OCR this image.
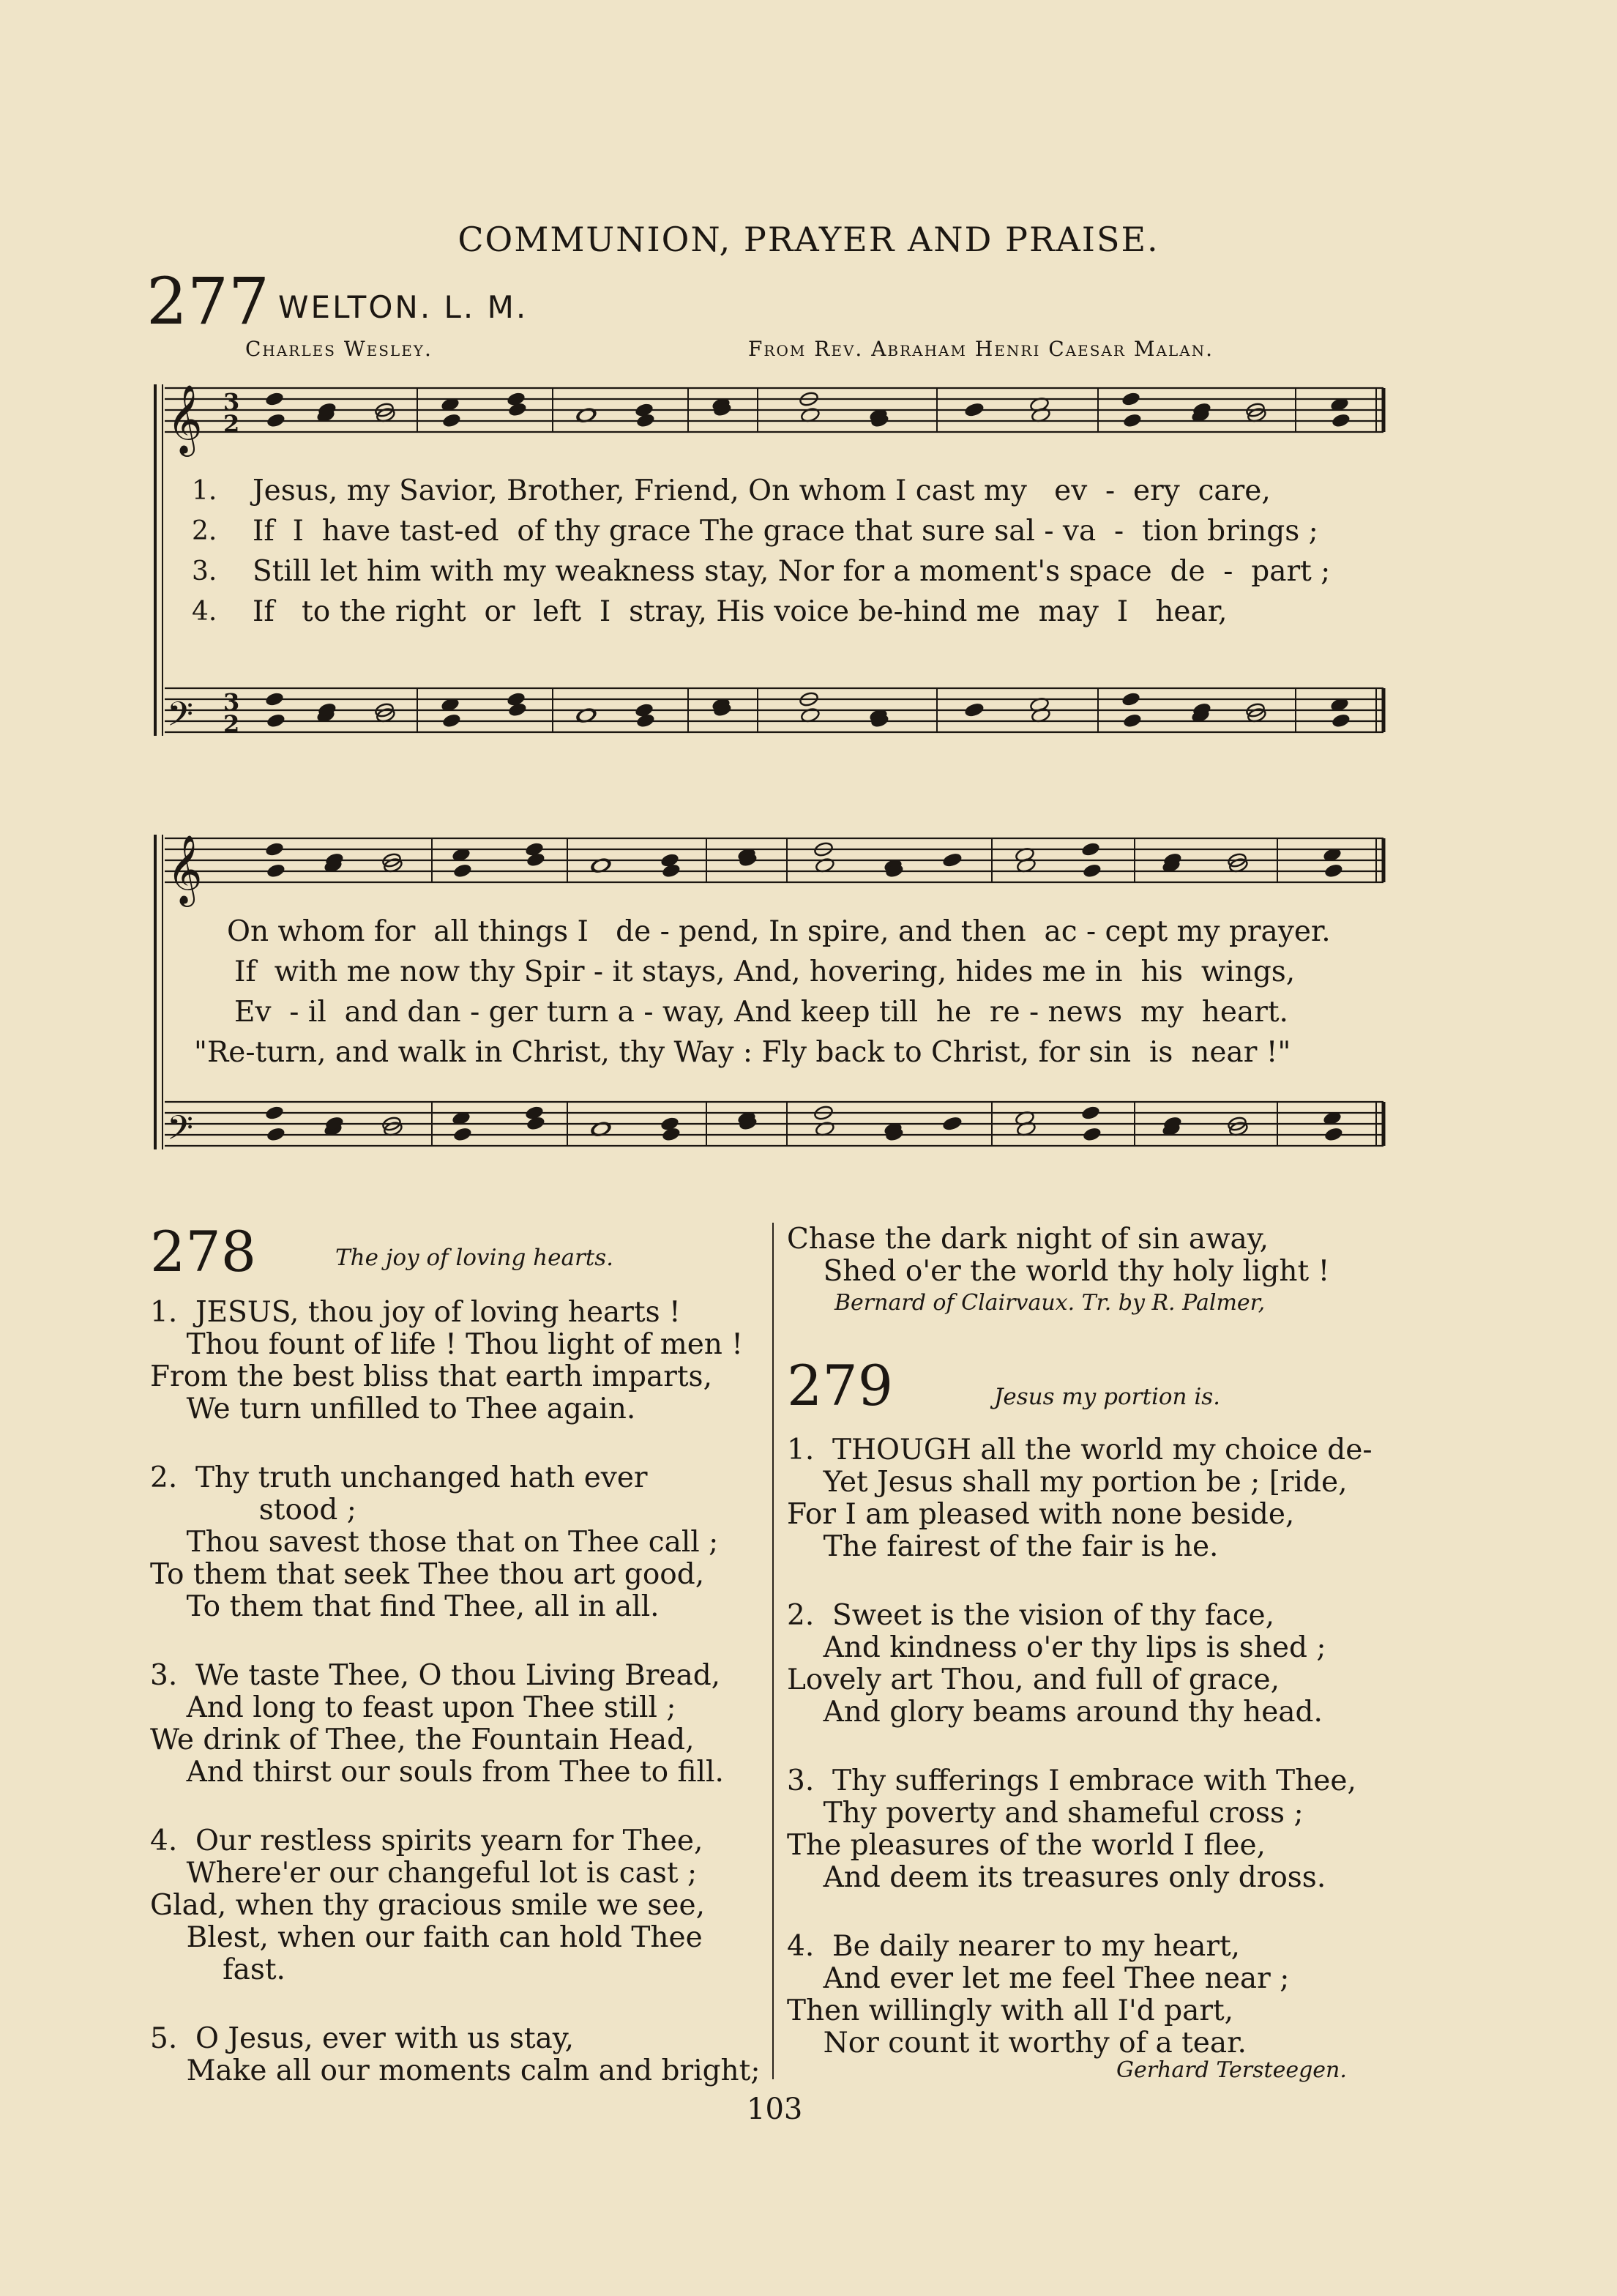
COMMUNION, PRAYER AND PRAISE.
277 WELTON. L. M.
Charles Wesley.	From Rev. Abraham Henri Caesar Malan.
𝄞
𝄞
𝄢
𝄢
3
2
3
2
1. Jesus, my Savior, Brother, Friend, On whom I cast my   ev  -  ery  care,
2. If  I  have tast-ed  of thy grace The grace that sure sal - va  -  tion brings ;
3. Still let him with my weakness stay, Nor for a moment's space  de  -  part ;
4. If   to the right  or  left  I  stray, His voice be-hind me  may  I   hear,
On whom for  all things I   de - pend, In spire, and then  ac - cept my prayer.
If  with me now thy Spir - it stays, And, hovering, hides me in  his  wings,
Ev  - il  and dan - ger turn a - way, And keep till  he  re - news  my  heart.
"Re-turn, and walk in Christ, thy Way : Fly back to Christ, for sin  is  near !"
278	The joy of loving hearts.
1.  JESUS, thou joy of loving hearts !
Thou fount of life ! Thou light of men !
From the best bliss that earth imparts,
We turn unfilled to Thee again.
2.  Thy truth unchanged hath ever
stood ;
Thou savest those that on Thee call ;
To them that seek Thee thou art good,
To them that find Thee, all in all.
3.  We taste Thee, O thou Living Bread,
And long to feast upon Thee still ;
We drink of Thee, the Fountain Head,
And thirst our souls from Thee to fill.
4.  Our restless spirits yearn for Thee,
Where'er our changeful lot is cast ;
Glad, when thy gracious smile we see,
Blest, when our faith can hold Thee
fast.
5.  O Jesus, ever with us stay,
Make all our moments calm and bright;
Chase the dark night of sin away,
Shed o'er the world thy holy light !
Bernard of Clairvaux. Tr. by R. Palmer,
279	Jesus my portion is.
1.  THOUGH all the world my choice de-
Yet Jesus shall my portion be ; [ride,
For I am pleased with none beside,
The fairest of the fair is he.
2.  Sweet is the vision of thy face,
And kindness o'er thy lips is shed ;
Lovely art Thou, and full of grace,
And glory beams around thy head.
3.  Thy sufferings I embrace with Thee,
Thy poverty and shameful cross ;
The pleasures of the world I flee,
And deem its treasures only dross.
4.  Be daily nearer to my heart,
And ever let me feel Thee near ;
Then willingly with all I'd part,
Nor count it worthy of a tear.
Gerhard Tersteegen.
103
